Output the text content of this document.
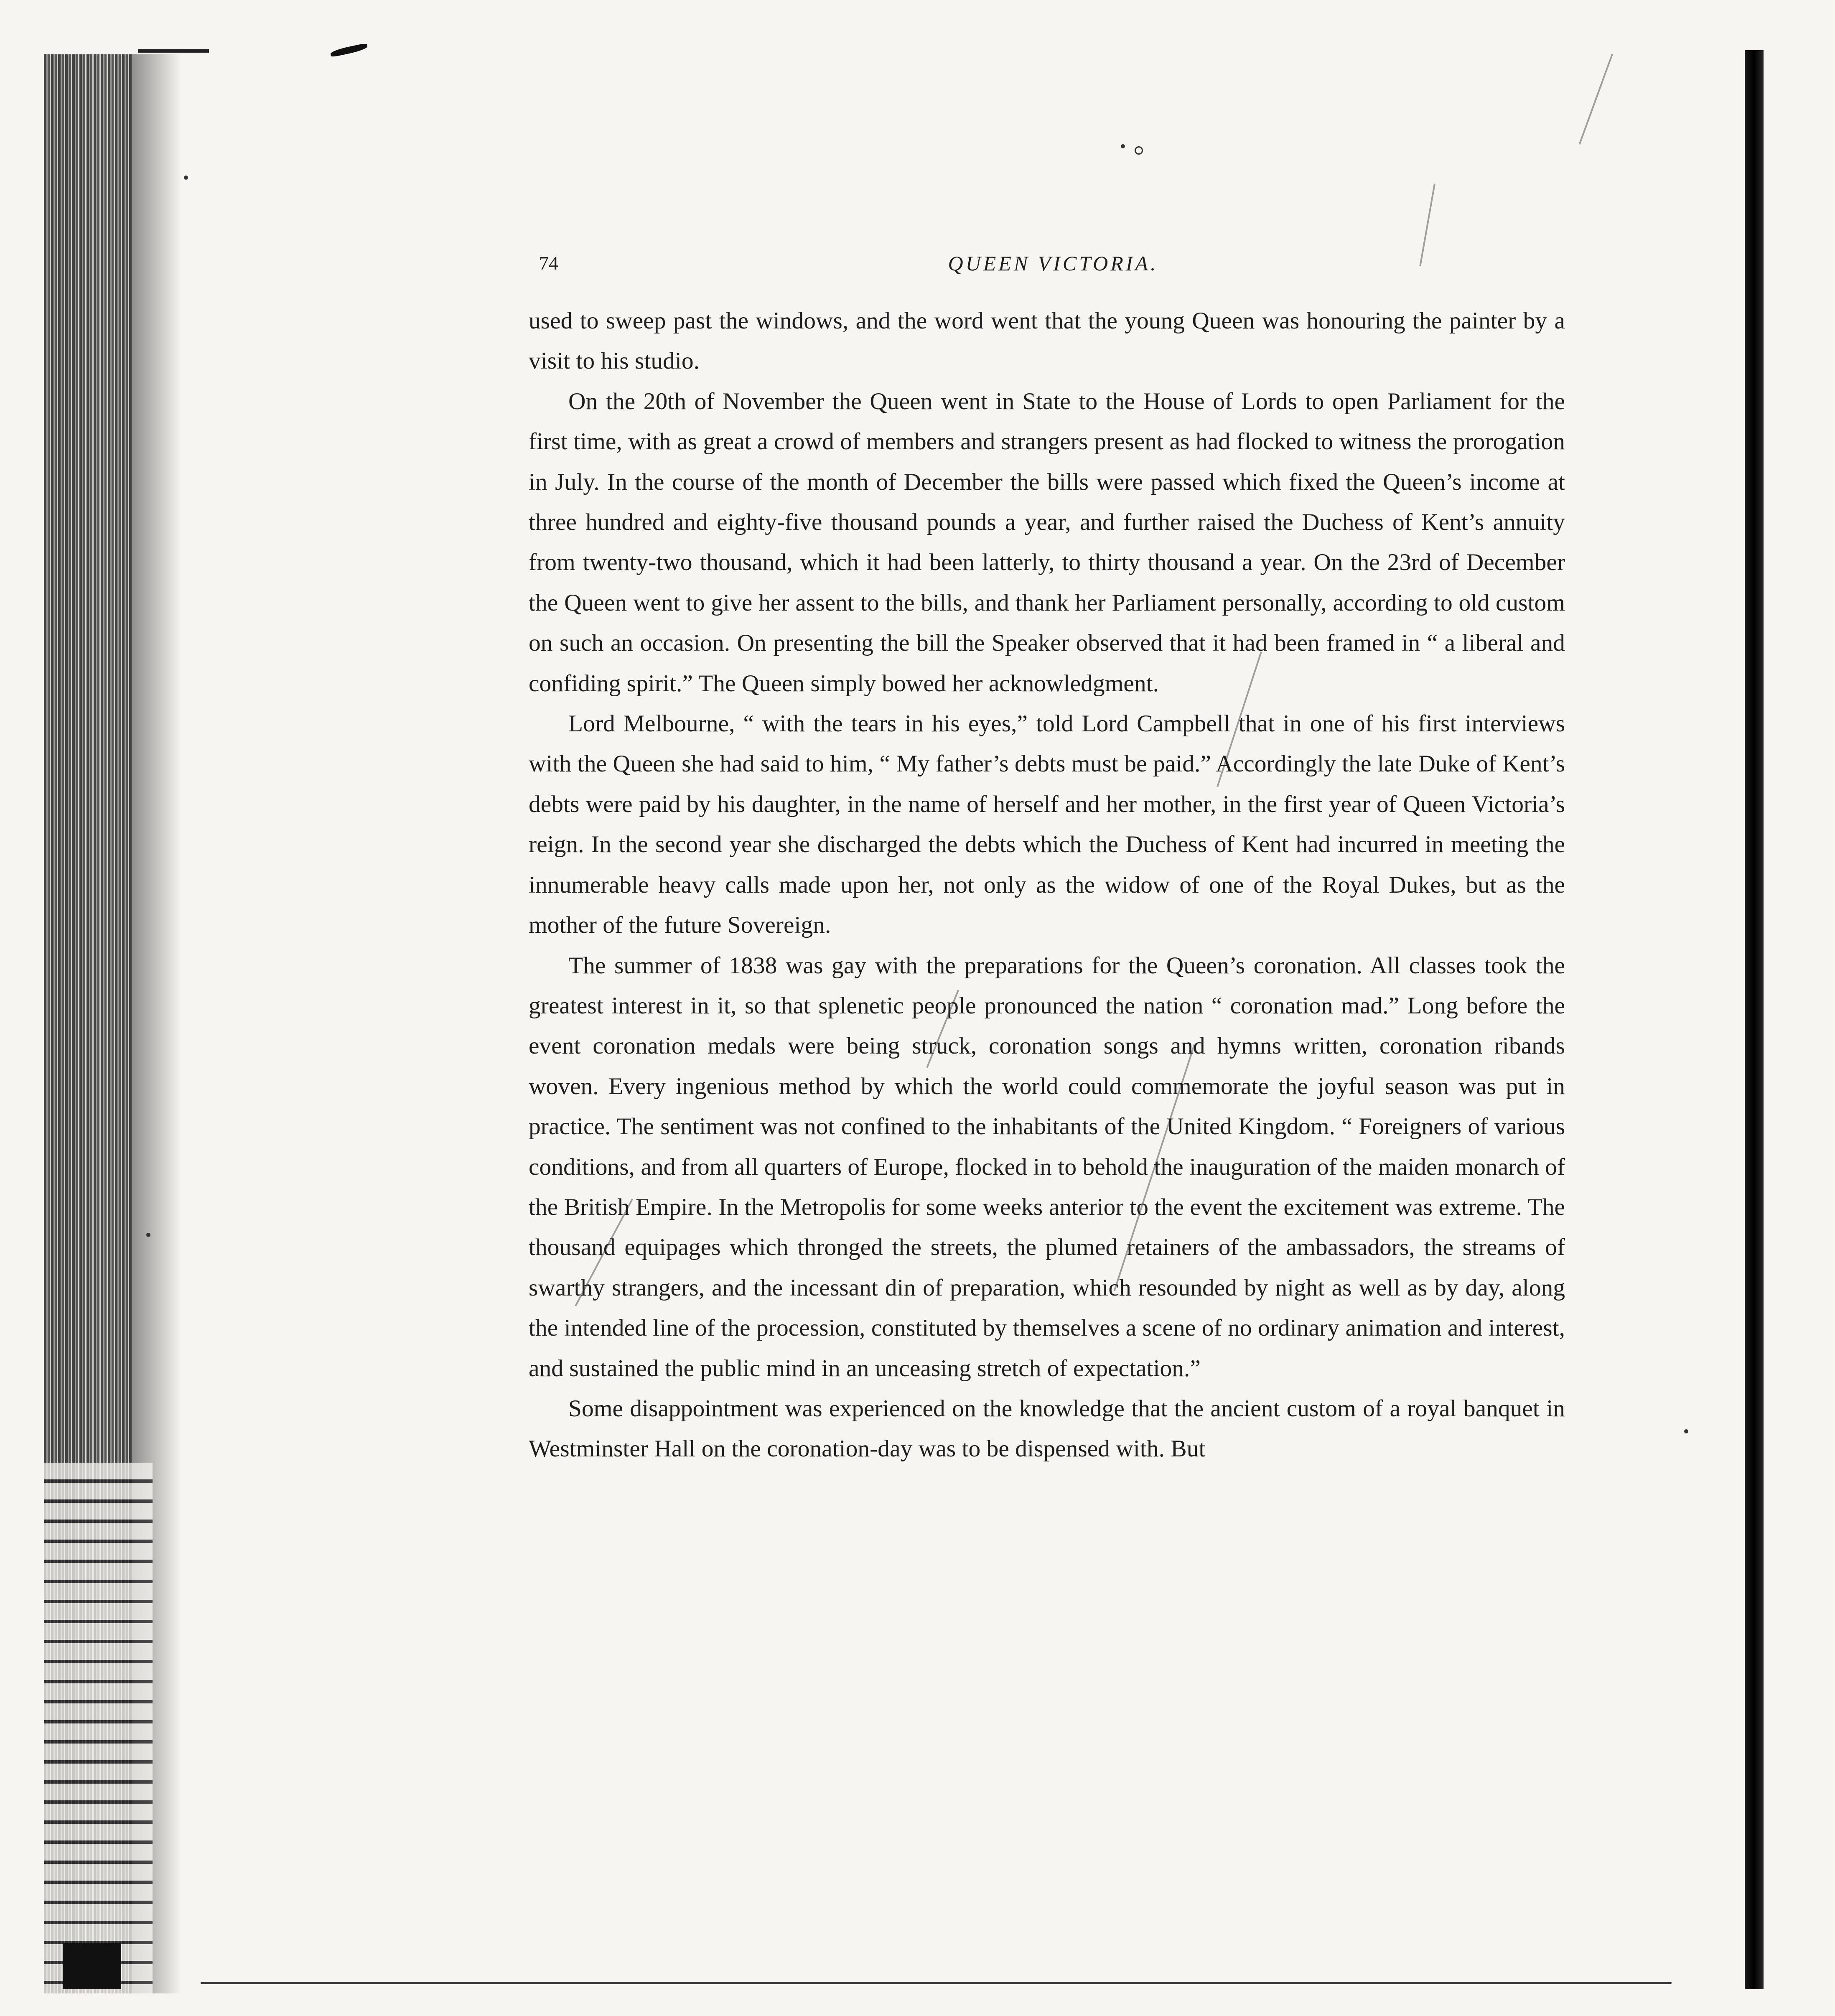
74	QUEEN VICTORIA.

used to sweep past the windows, and the word went that the young Queen was honouring the painter by a visit to his studio.

On the 20th of November the Queen went in State to the House of Lords to open Parliament for the first time, with as great a crowd of members and strangers present as had flocked to witness the prorogation in July. In the course of the month of December the bills were passed which fixed the Queen’s income at three hundred and eighty-five thousand pounds a year, and further raised the Duchess of Kent’s annuity from twenty-two thousand, which it had been latterly, to thirty thousand a year. On the 23rd of December the Queen went to give her assent to the bills, and thank her Parliament personally, according to old custom on such an occasion. On presenting the bill the Speaker observed that it had been framed in “ a liberal and confiding spirit.” The Queen simply bowed her acknowledgment.

Lord Melbourne, “ with the tears in his eyes,” told Lord Campbell that in one of his first interviews with the Queen she had said to him, “ My father’s debts must be paid.” Accordingly the late Duke of Kent’s debts were paid by his daughter, in the name of herself and her mother, in the first year of Queen Victoria’s reign. In the second year she discharged the debts which the Duchess of Kent had incurred in meeting the innumerable heavy calls made upon her, not only as the widow of one of the Royal Dukes, but as the mother of the future Sovereign.

The summer of 1838 was gay with the preparations for the Queen’s coronation. All classes took the greatest interest in it, so that splenetic people pronounced the nation “ coronation mad.” Long before the event coronation medals were being struck, coronation songs and hymns written, coronation ribands woven. Every ingenious method by which the world could commemorate the joyful season was put in practice. The sentiment was not confined to the inhabitants of the United Kingdom. “ Foreigners of various conditions, and from all quarters of Europe, flocked in to behold the inauguration of the maiden monarch of the British Empire. In the Metropolis for some weeks anterior to the event the excitement was extreme. The thousand equipages which thronged the streets, the plumed retainers of the ambassadors, the streams of swarthy strangers, and the incessant din of preparation, which resounded by night as well as by day, along the intended line of the procession, constituted by themselves a scene of no ordinary animation and interest, and sustained the public mind in an unceasing stretch of expectation.”

Some disappointment was experienced on the knowledge that the ancient custom of a royal banquet in Westminster Hall on the coronation-day was to be dispensed with. But
